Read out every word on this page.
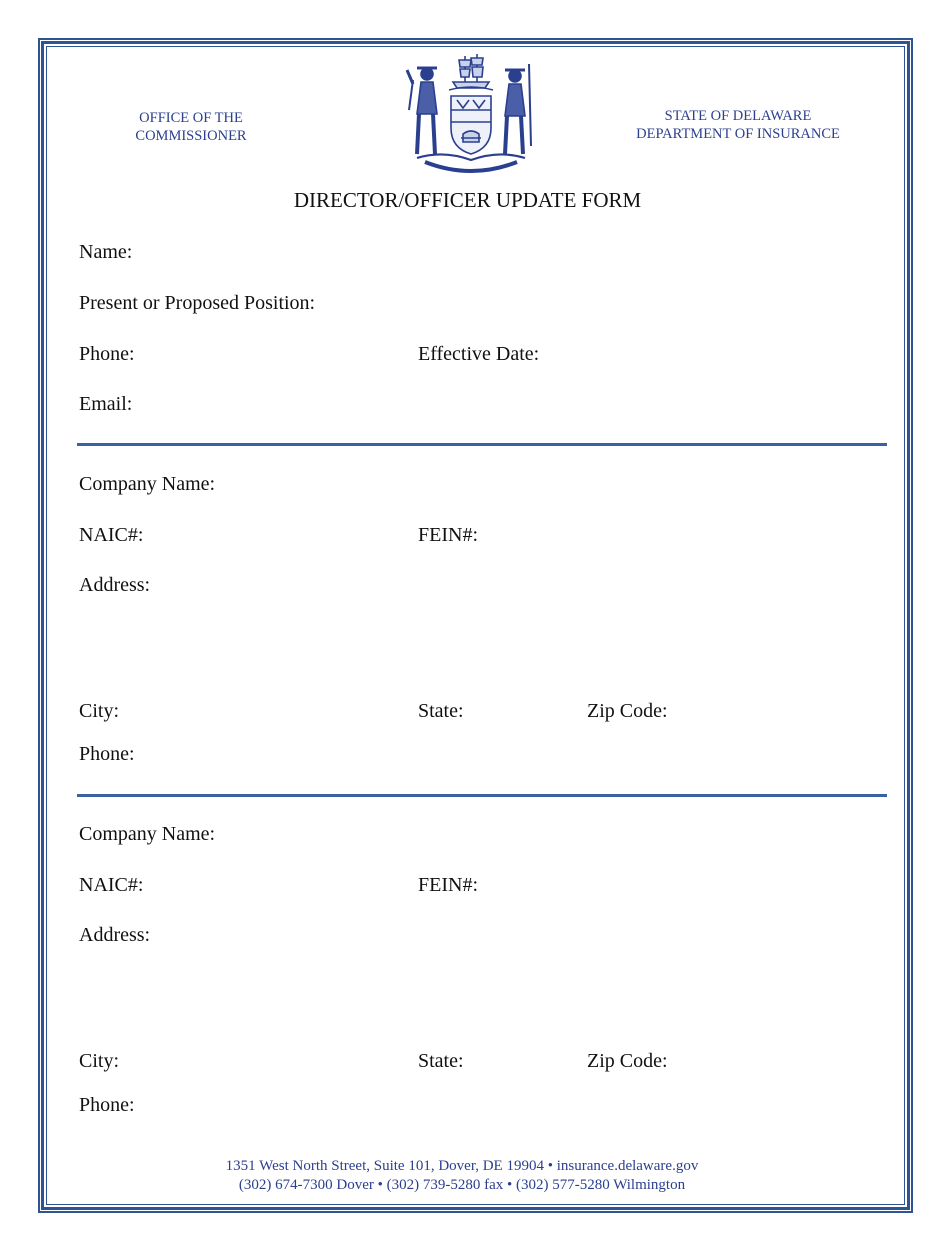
OFFICE OF THE
COMMISSIONER
STATE OF DELAWARE
DEPARTMENT OF INSURANCE
DIRECTOR/OFFICER UPDATE FORM
Name:
Present or Proposed Position:
Phone:	Effective Date:
Email:
Company Name:
NAIC#:	FEIN#:
Address:
City:	State:	Zip Code:
Phone:
Company Name:
NAIC#:	FEIN#:
Address:
City:	State:	Zip Code:
Phone:
1351 West North Street, Suite 101, Dover, DE 19904 • insurance.delaware.gov
(302) 674-7300 Dover • (302) 739-5280 fax • (302) 577-5280 Wilmington
